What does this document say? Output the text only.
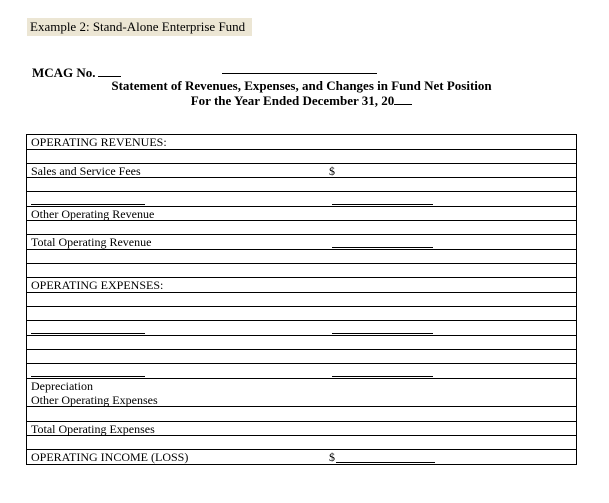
Example 2: Stand-Alone Enterprise Fund
MCAG No.
Statement of Revenues, Expenses, and Changes in Fund Net Position
For the Year Ended December 31, 20
OPERATING REVENUES:
Sales and Service Fees	$
Other Operating Revenue
Total Operating Revenue
OPERATING EXPENSES:
Depreciation
Other Operating Expenses
Total Operating Expenses
OPERATING INCOME (LOSS)	$
